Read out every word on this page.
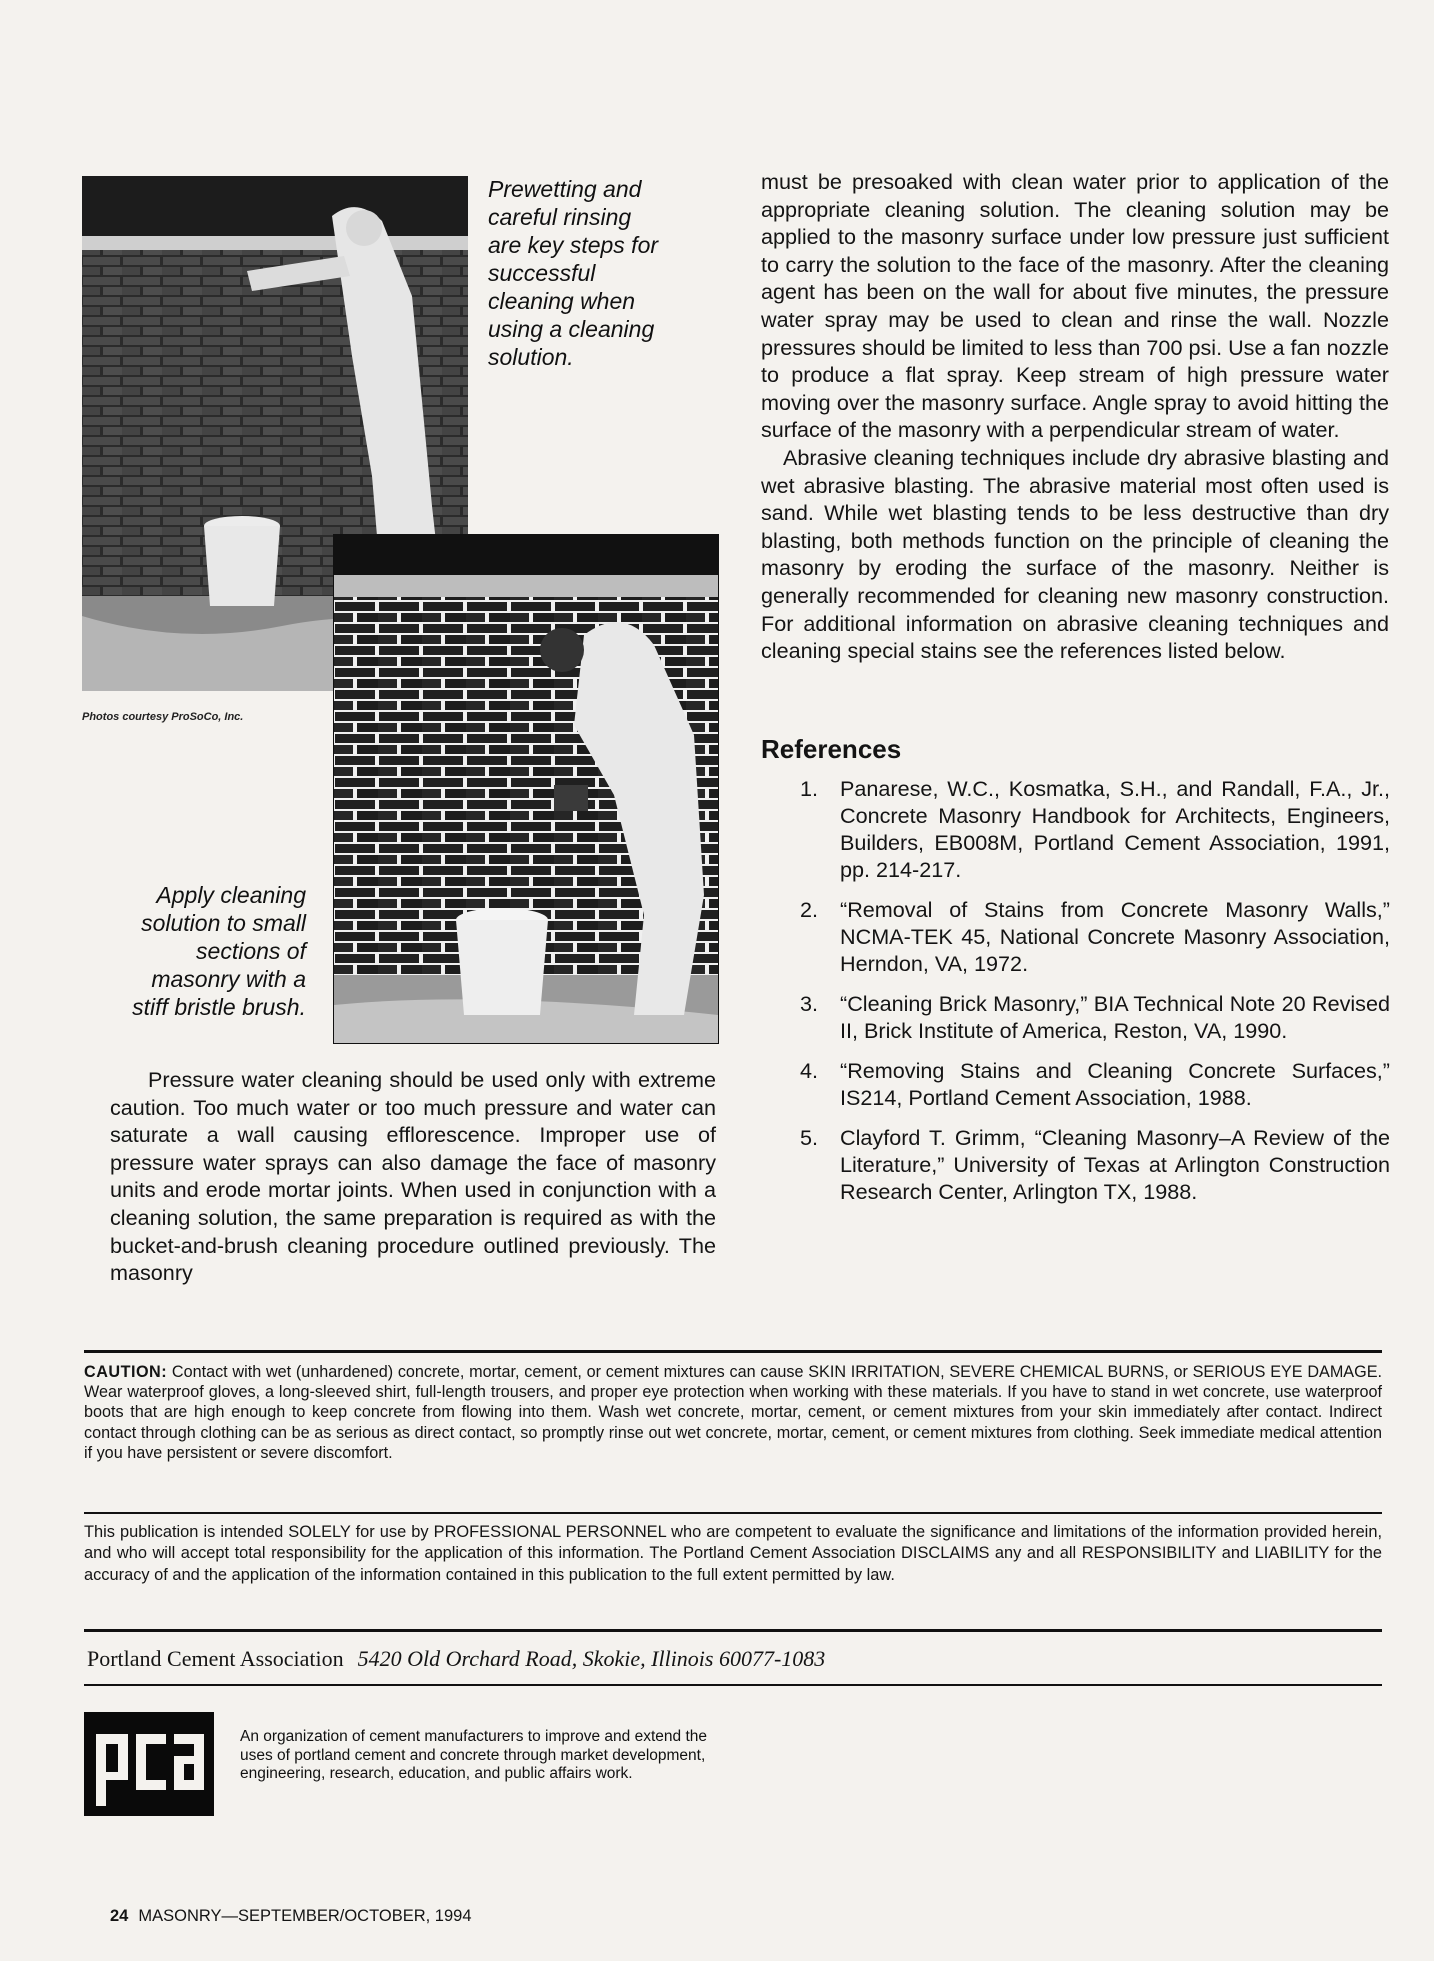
Prewetting and careful rinsing are key steps for successful cleaning when using a cleaning solution.
Photos courtesy ProSoCo, Inc.
Apply cleaning solution to small sections of masonry with a stiff bristle brush.

Pressure water cleaning should be used only with extreme caution. Too much water or too much pressure and water can saturate a wall causing efflorescence. Improper use of pressure water sprays can also damage the face of masonry units and erode mortar joints. When used in conjunction with a cleaning solution, the same preparation is required as with the bucket-and-brush cleaning procedure outlined previously. The masonry

must be presoaked with clean water prior to application of the appropriate cleaning solution. The cleaning solution may be applied to the masonry surface under low pressure just sufficient to carry the solution to the face of the masonry. After the cleaning agent has been on the wall for about five minutes, the pressure water spray may be used to clean and rinse the wall. Nozzle pressures should be limited to less than 700 psi. Use a fan nozzle to produce a flat spray. Keep stream of high pressure water moving over the masonry surface. Angle spray to avoid hitting the surface of the masonry with a perpendicular stream of water.

Abrasive cleaning techniques include dry abrasive blasting and wet abrasive blasting. The abrasive material most often used is sand. While wet blasting tends to be less destructive than dry blasting, both methods function on the principle of cleaning the masonry by eroding the surface of the masonry. Neither is generally recommended for cleaning new masonry construction. For additional information on abrasive cleaning techniques and cleaning special stains see the references listed below.

References
1. Panarese, W.C., Kosmatka, S.H., and Randall, F.A., Jr., Concrete Masonry Handbook for Architects, Engineers, Builders, EB008M, Portland Cement Association, 1991, pp. 214-217.
2. “Removal of Stains from Concrete Masonry Walls,” NCMA-TEK 45, National Concrete Masonry Association, Herndon, VA, 1972.
3. “Cleaning Brick Masonry,” BIA Technical Note 20 Revised II, Brick Institute of America, Reston, VA, 1990.
4. “Removing Stains and Cleaning Concrete Surfaces,” IS214, Portland Cement Association, 1988.
5. Clayford T. Grimm, “Cleaning Masonry–A Review of the Literature,” University of Texas at Arlington Construction Research Center, Arlington TX, 1988.
CAUTION: Contact with wet (unhardened) concrete, mortar, cement, or cement mixtures can cause SKIN IRRITATION, SEVERE CHEMICAL BURNS, or SERIOUS EYE DAMAGE. Wear waterproof gloves, a long-sleeved shirt, full-length trousers, and proper eye protection when working with these materials. If you have to stand in wet concrete, use waterproof boots that are high enough to keep concrete from flowing into them. Wash wet concrete, mortar, cement, or cement mixtures from your skin immediately after contact. Indirect contact through clothing can be as serious as direct contact, so promptly rinse out wet concrete, mortar, cement, or cement mixtures from clothing. Seek immediate medical attention if you have persistent or severe discomfort.
This publication is intended SOLELY for use by PROFESSIONAL PERSONNEL who are competent to evaluate the significance and limitations of the information provided herein, and who will accept total responsibility for the application of this information. The Portland Cement Association DISCLAIMS any and all RESPONSIBILITY and LIABILITY for the accuracy of and the application of the information contained in this publication to the full extent permitted by law.
Portland Cement Association 5420 Old Orchard Road, Skokie, Illinois 60077-1083
An organization of cement manufacturers to improve and extend the uses of portland cement and concrete through market development, engineering, research, education, and public affairs work.
24 MASONRY—SEPTEMBER/OCTOBER, 1994
